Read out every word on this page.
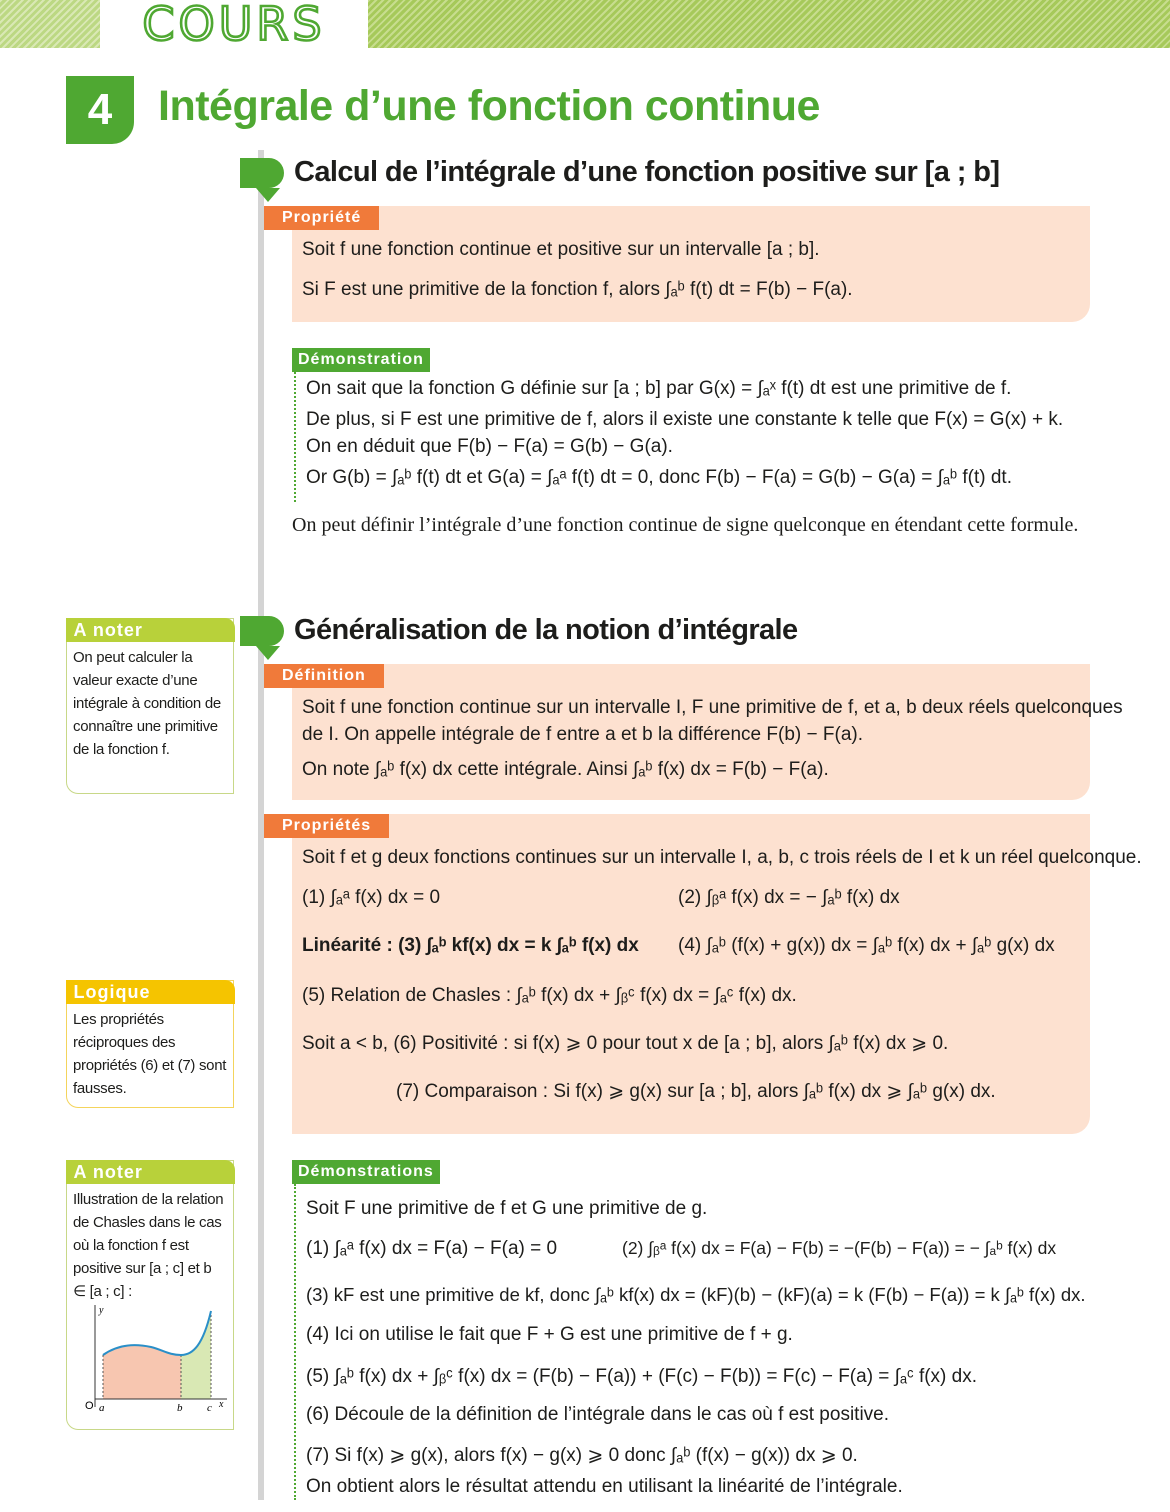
COURS
4	Intégrale d’une fonction continue
Calcul de l’intégrale d’une fonction positive sur [a ; b]
Soit f une fonction continue et positive sur un intervalle [a ; b].
Si F est une primitive de la fonction f, alors ∫ₐᵇ f(t) dt = F(b) − F(a).
Propriété
Démonstration
On sait que la fonction G définie sur [a ; b] par G(x) = ∫ₐˣ f(t) dt est une primitive de f.
De plus, si F est une primitive de f, alors il existe une constante k telle que F(x) = G(x) + k.
On en déduit que F(b) − F(a) = G(b) − G(a).
Or G(b) = ∫ₐᵇ f(t) dt et G(a) = ∫ₐᵃ f(t) dt = 0, donc F(b) − F(a) = G(b) − G(a) = ∫ₐᵇ f(t) dt.
On peut définir l’intégrale d’une fonction continue de signe quelconque en étendant cette formule.
Généralisation de la notion d’intégrale
Soit f une fonction continue sur un intervalle I, F une primitive de f, et a, b deux réels quelconques
de I. On appelle intégrale de f entre a et b la différence F(b) − F(a).
On note ∫ₐᵇ f(x) dx cette intégrale. Ainsi ∫ₐᵇ f(x) dx = F(b) − F(a).
Définition
Soit f et g deux fonctions continues sur un intervalle I, a, b, c trois réels de I et k un réel quelconque.
(1) ∫ₐᵃ f(x) dx = 0	(2) ∫ᵦᵃ f(x) dx = − ∫ₐᵇ f(x) dx
Linéarité : (3) ∫ₐᵇ kf(x) dx = k ∫ₐᵇ f(x) dx (4) ∫ₐᵇ (f(x) + g(x)) dx = ∫ₐᵇ f(x) dx + ∫ₐᵇ g(x) dx
(5) Relation de Chasles : ∫ₐᵇ f(x) dx + ∫ᵦᶜ f(x) dx = ∫ₐᶜ f(x) dx.
Soit a < b, (6) Positivité : si f(x) ⩾ 0 pour tout x de [a ; b], alors ∫ₐᵇ f(x) dx ⩾ 0.
(7) Comparaison : Si f(x) ⩾ g(x) sur [a ; b], alors ∫ₐᵇ f(x) dx ⩾ ∫ₐᵇ g(x) dx.
Propriétés
Démonstrations
Soit F une primitive de f et G une primitive de g.
(1) ∫ₐᵃ f(x) dx = F(a) − F(a) = 0	(2) ∫ᵦᵃ f(x) dx = F(a) − F(b) = −(F(b) − F(a)) = − ∫ₐᵇ f(x) dx
(3) kF est une primitive de kf, donc ∫ₐᵇ kf(x) dx = (kF)(b) − (kF)(a) = k (F(b) − F(a)) = k ∫ₐᵇ f(x) dx.
(4) Ici on utilise le fait que F + G est une primitive de f + g.
(5) ∫ₐᵇ f(x) dx + ∫ᵦᶜ f(x) dx = (F(b) − F(a)) + (F(c) − F(b)) = F(c) − F(a) = ∫ₐᶜ f(x) dx.
(6) Découle de la définition de l’intégrale dans le cas où f est positive.
(7) Si f(x) ⩾ g(x), alors f(x) − g(x) ⩾ 0 donc ∫ₐᵇ (f(x) − g(x)) dx ⩾ 0.
On obtient alors le résultat attendu en utilisant la linéarité de l’intégrale.
A noter
On peut calculer la valeur exacte d’une intégrale à condition de connaître une primitive de la fonction f.
Logique
Les propriétés réciproques des propriétés (6) et (7) sont fausses.
A noter
Illustration de la relation de Chasles dans le cas où la fonction f est positive sur [a ; c] et b ∈ [a ; c] :
y
O a	b c x
